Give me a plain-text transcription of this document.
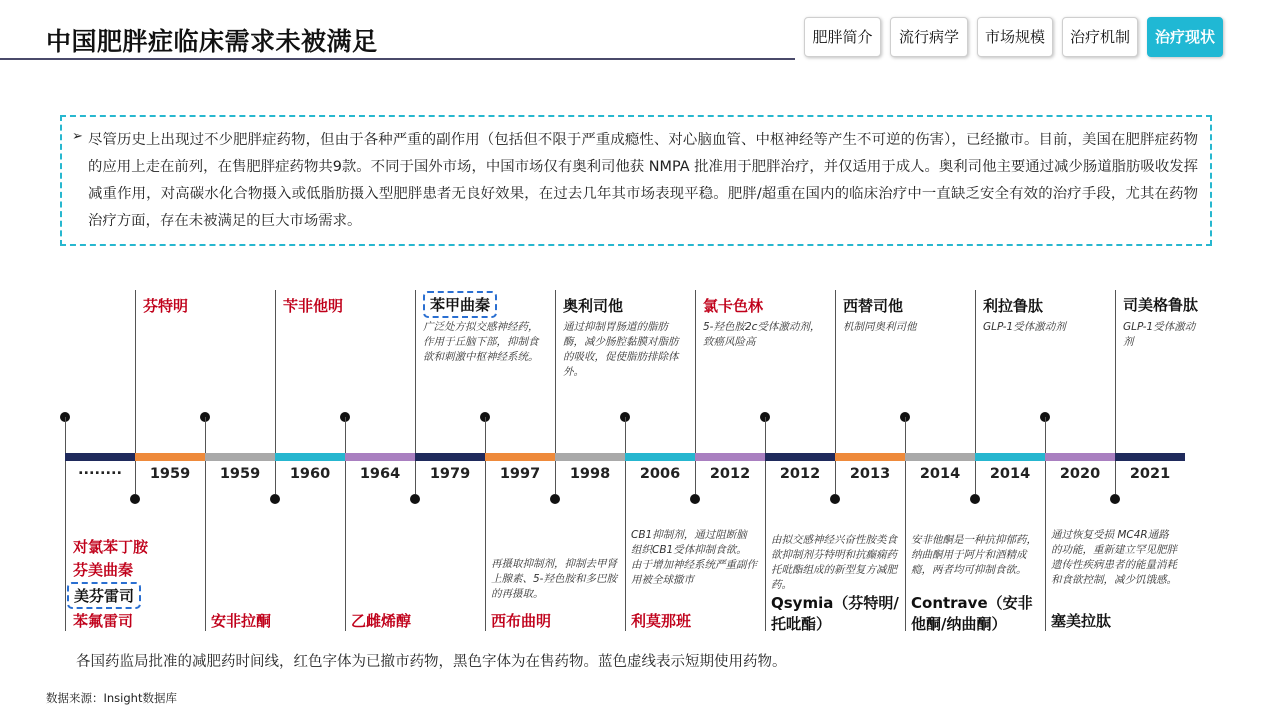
中国肥胖症临床需求未被满足	肥胖简介	流行病学	市场规模	治疗机制	治疗现状
➢ 尽管历史上出现过不少肥胖症药物，但由于各种严重的副作用（包括但不限于严重成瘾性、对心脑血管、中枢神经等产生不可逆的伤害），已经撤市。目前，美国在肥胖症药物的应用上走在前列，在售肥胖症药物共9款。不同于国外市场，中国市场仅有奥利司他获 NMPA 批准用于肥胖治疗，并仅适用于成人。奥利司他主要通过减少肠道脂肪吸收发挥减重作用，对高碳水化合物摄入或低脂肪摄入型肥胖患者无良好效果，在过去几年其市场表现平稳。肥胖/超重在国内的临床治疗中一直缺乏安全有效的治疗手段，尤其在药物治疗方面，存在未被满足的巨大市场需求。
........	1959	1959	1960	1964	1979	1997	1998	2006	2012	2012	2013	2014	2014	2020	2021
芬特明	苄非他明	苯甲曲秦
广泛处方拟交感神经药，作用于丘脑下部，抑制食欲和刺激中枢神经系统。
奥利司他
通过抑制胃肠道的脂肪酶，减少肠腔黏膜对脂肪的吸收，促使脂肪排除体外。
氯卡色林
5-羟色胺2c受体激动剂，致癌风险高
西替司他
机制同奥利司他
利拉鲁肽
GLP-1受体激动剂
司美格鲁肽
GLP-1受体激动剂
对氯苯丁胺
芬美曲秦
美芬雷司
苯氟雷司	安非拉酮	乙雌烯醇	西布曲明
再摄取抑制剂，抑制去甲肾上腺素、5-羟色胺和多巴胺的再摄取。
利莫那班
CB1抑制剂，通过阻断脑组织CB1受体抑制食欲。由于增加神经系统严重副作用被全球撤市
Qsymia（芬特明/托吡酯）
由拟交感神经兴奋性胺类食欲抑制剂芬特明和抗癫痫药托吡酯组成的新型复方减肥药。
Contrave（安非他酮/纳曲酮）
安非他酮是一种抗抑郁药，纳曲酮用于阿片和酒精成瘾，两者均可抑制食欲。
塞美拉肽
通过恢复受损 MC4R通路的功能，重新建立罕见肥胖遗传性疾病患者的能量消耗和食欲控制，减少饥饿感。
各国药监局批准的减肥药时间线，红色字体为已撤市药物，黑色字体为在售药物。蓝色虚线表示短期使用药物。
数据来源：Insight数据库
